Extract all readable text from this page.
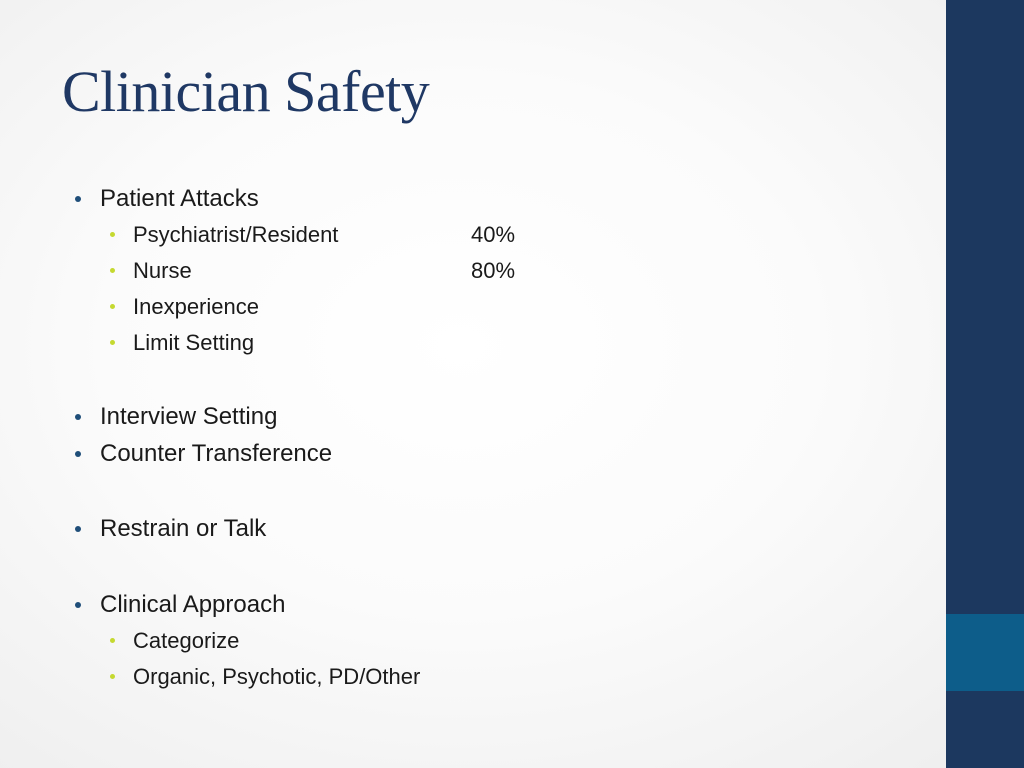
Clinician Safety
Patient Attacks
Psychiatrist/Resident	40%
Nurse	80%
Inexperience
Limit Setting
Interview Setting
Counter Transference
Restrain or Talk
Clinical Approach
Categorize
Organic, Psychotic, PD/Other
